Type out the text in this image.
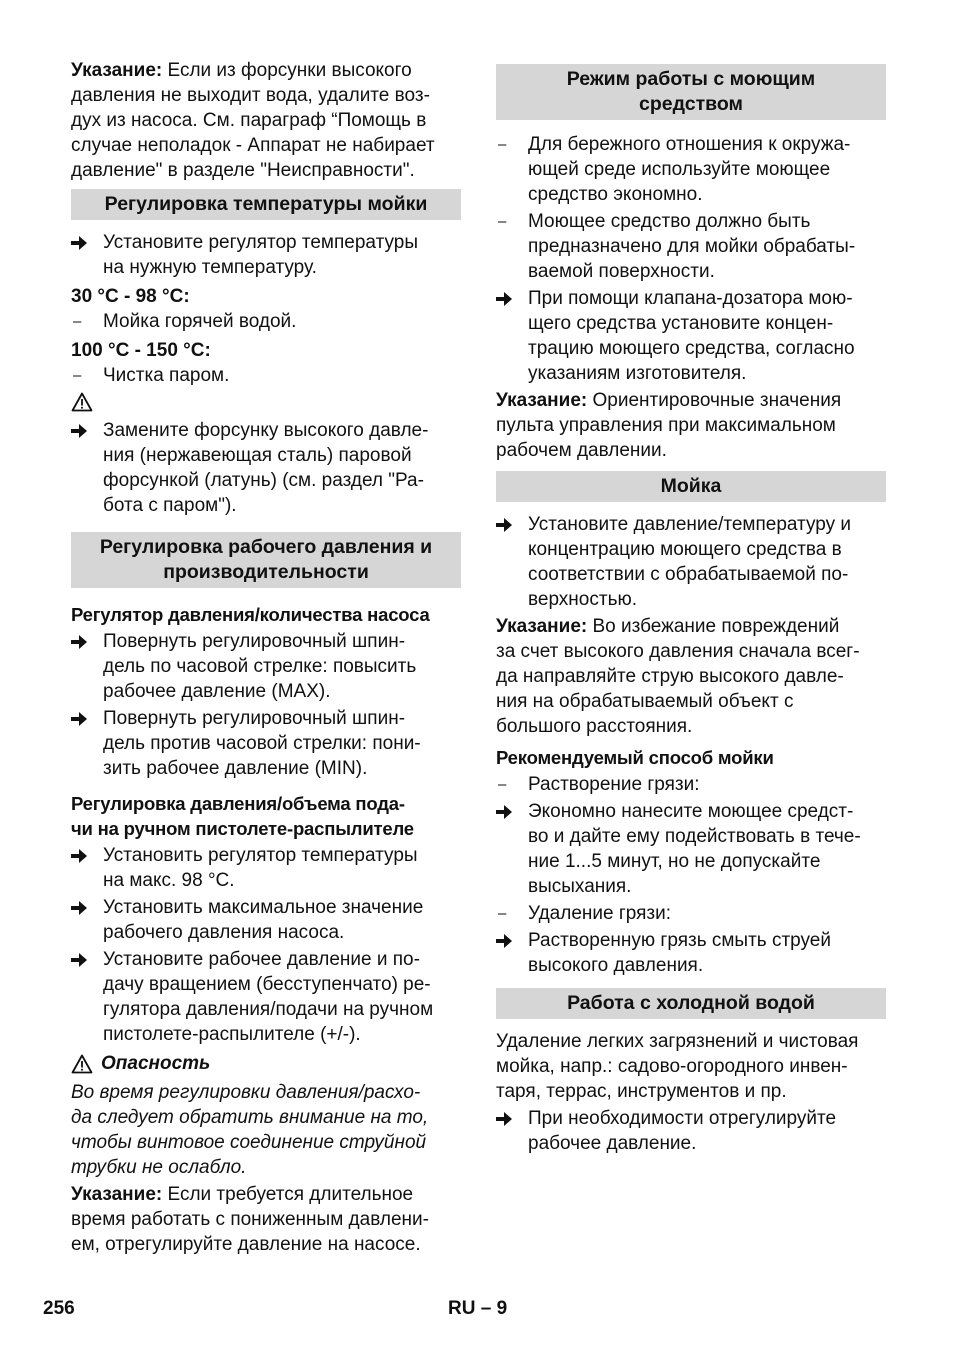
Указание: Если из форсунки высокого
давления не выходит вода, удалите воз-
дух из насоса. См. параграф “Помощь в
случае неполадок - Аппарат не набирает
давление" в разделе "Неисправности".

Регулировка температуры мойки
Установите регулятор температуры
на нужную температуру.
30 °C - 98 °C:
–	Мойка горячей водой.
100 °C - 150 °C:
–	Чистка паром.
Замените форсунку высокого давле-
ния (нержавеющая сталь) паровой
форсункой (латунь) (см. раздел "Ра-
бота с паром").
Регулировка рабочего давления и
производительности
Регулятор давления/количества насоса
Повернуть регулировочный шпин-
дель по часовой стрелке: повысить
рабочее давление (MAX).
Повернуть регулировочный шпин-
дель против часовой стрелки: пони-
зить рабочее давление (MIN).
Регулировка давления/объема пода-
чи на ручном пистолете-распылителе
Установить регулятор температуры
на макс. 98 °C.
Установить максимальное значение
рабочего давления насоса.
Установите рабочее давление и по-
дачу вращением (бесступенчато) ре-
гулятора давления/подачи на ручном
пистолете-распылителе (+/-).
Опасность

Во время регулировки давления/расхо-
да следует обратить внимание на то,
чтобы винтовое соединение струйной
трубки не ослабло.

Указание: Если требуется длительное
время работать с пониженным давлени-
ем, отрегулируйте давление на насосе.

Режим работы с моющим
средством
–	Для бережного отношения к окружа-
ющей среде используйте моющее
средство экономно.
–	Моющее средство должно быть
предназначено для мойки обрабаты-
ваемой поверхности.
При помощи клапана-дозатора мою-
щего средства установите концен-
трацию моющего средства, согласно
указаниям изготовителя.

Указание: Ориентировочные значения
пульта управления при максимальном
рабочем давлении.

Мойка
Установите давление/температуру и
концентрацию моющего средства в
соответствии с обрабатываемой по-
верхностью.

Указание: Во избежание повреждений
за счет высокого давления сначала всег-
да направляйте струю высокого давле-
ния на обрабатываемый объект с
большого расстояния.

Рекомендуемый способ мойки
–	Растворение грязи:
Экономно нанесите моющее средст-
во и дайте ему подействовать в тече-
ние 1...5 минут, но не допускайте
высыхания.
–	Удаление грязи:
Растворенную грязь смыть струей
высокого давления.
Работа с холодной водой

Удаление легких загрязнений и чистовая
мойка, напр.: садово-огородного инвен-
таря, террас, инструментов и пр.

При необходимости отрегулируйте
рабочее давление.
256	RU – 9
